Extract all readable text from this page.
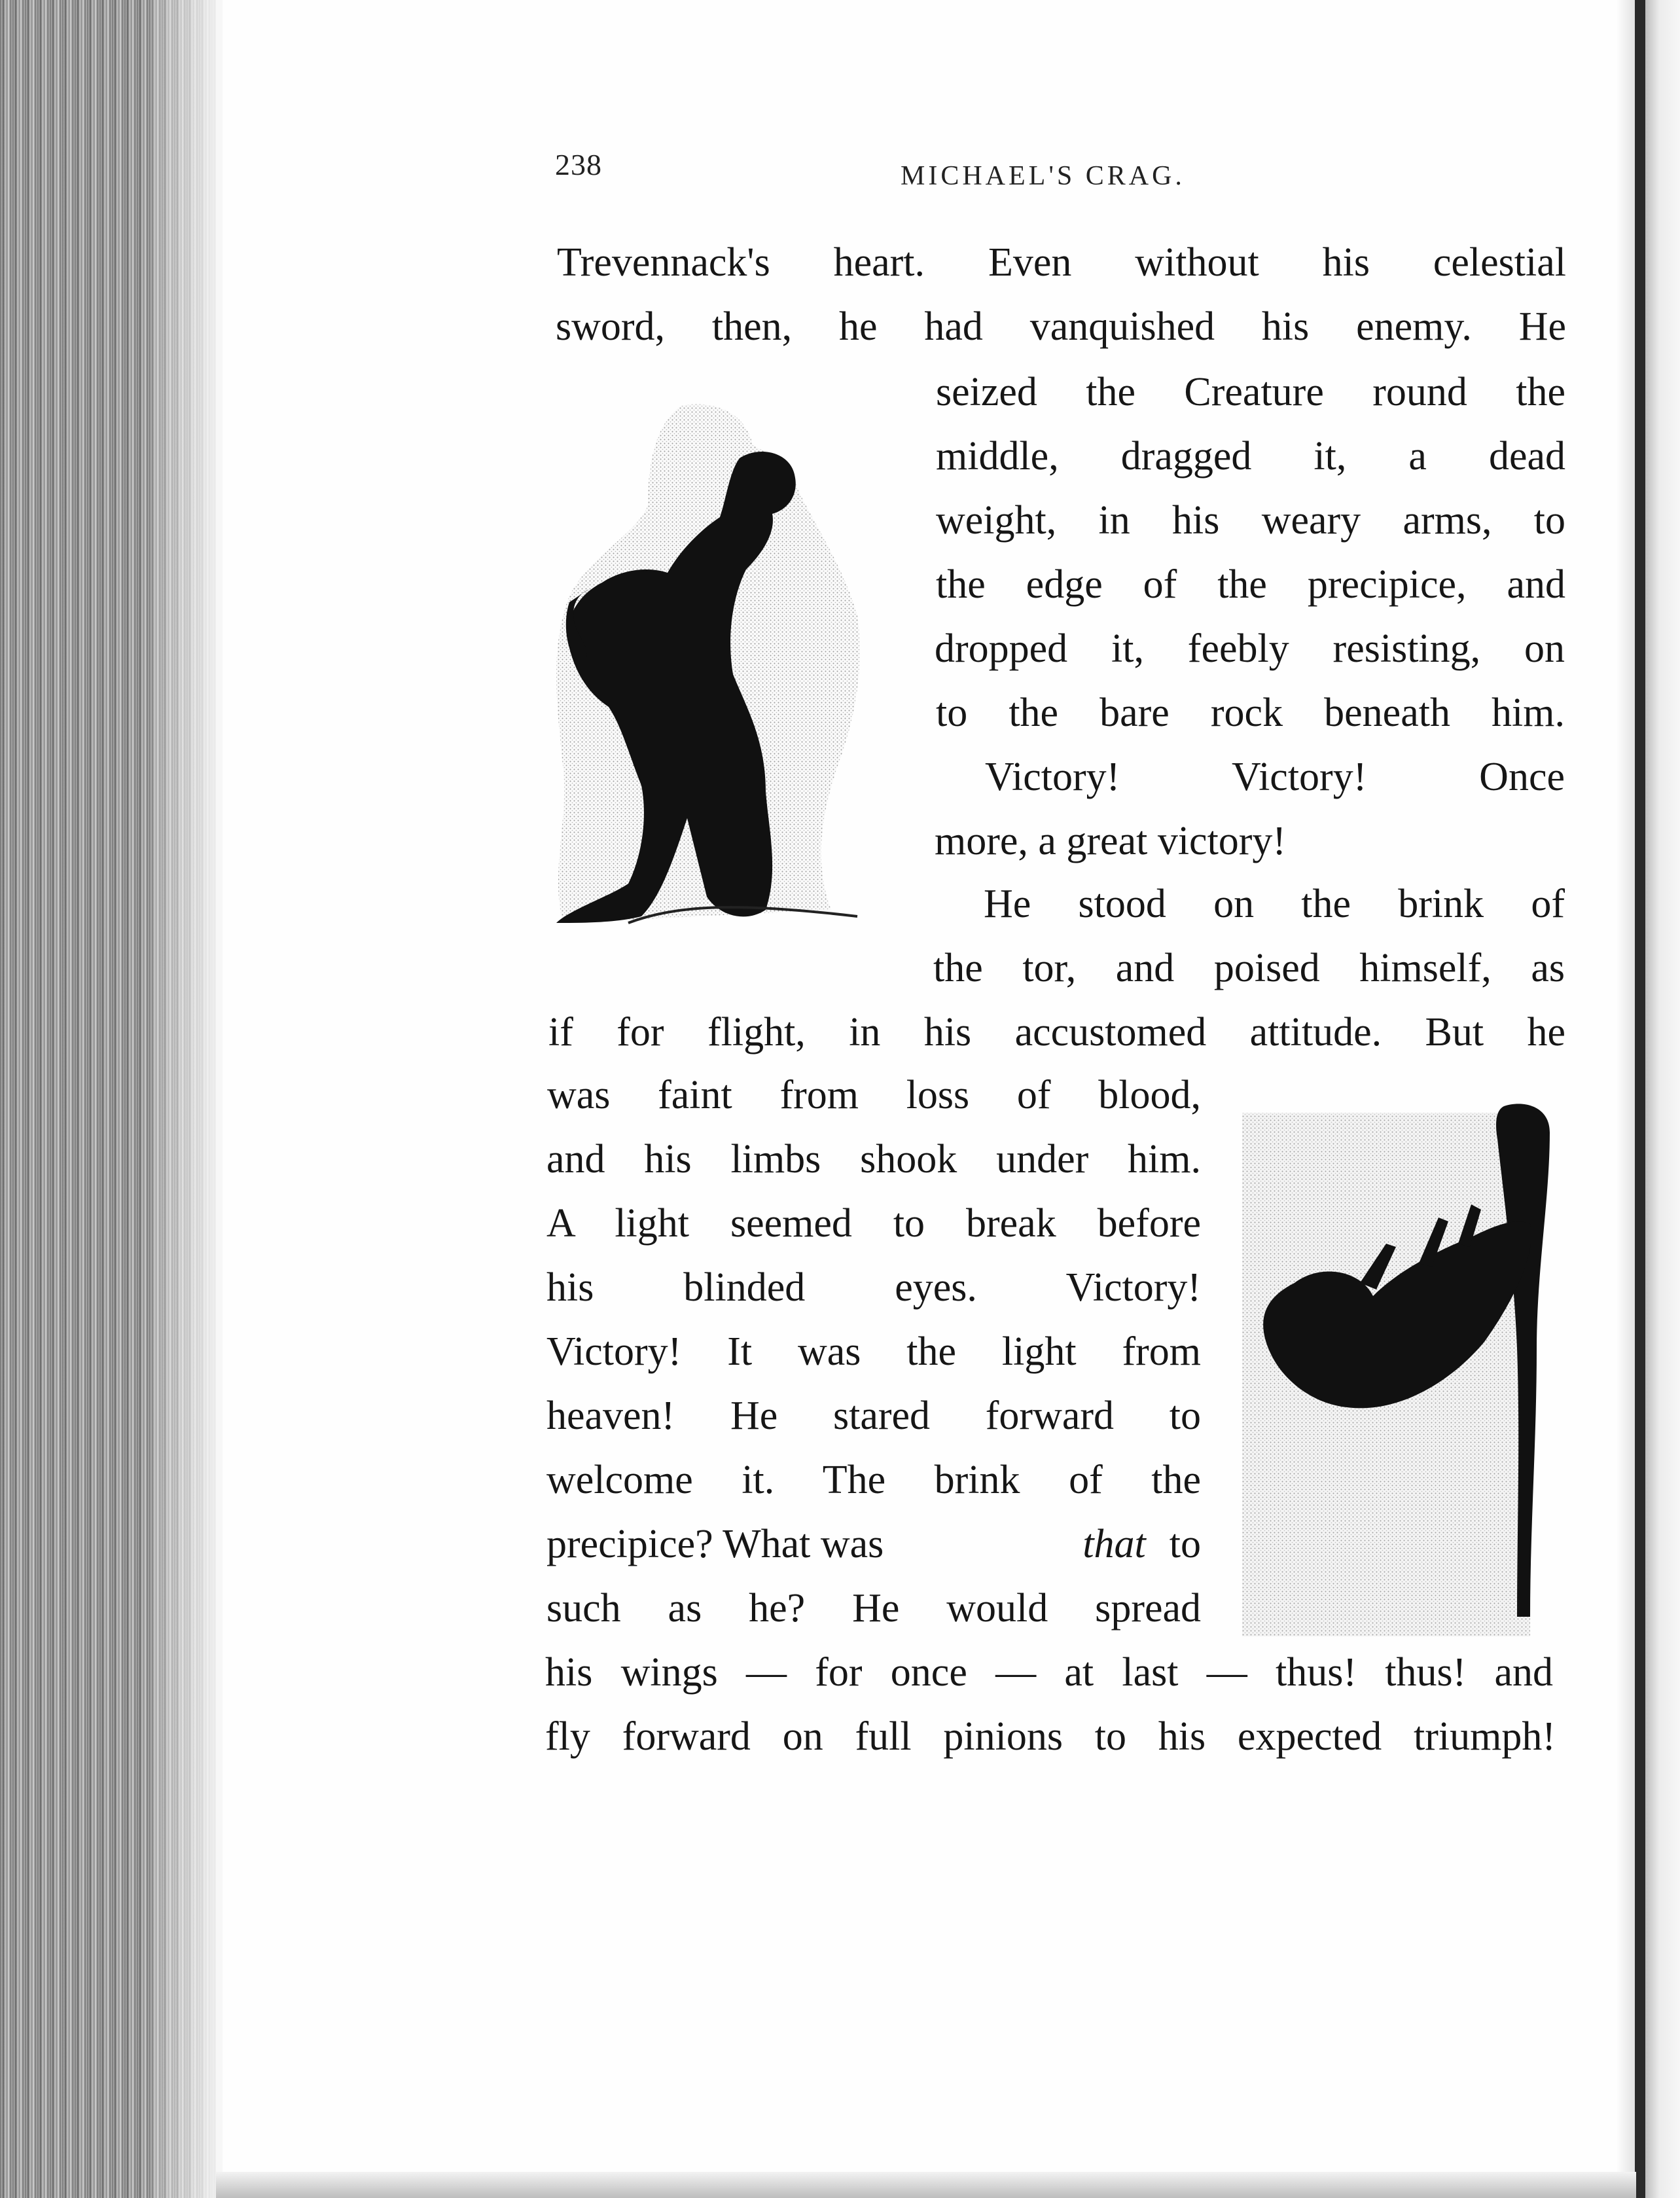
238	MICHAEL'S CRAG.
Trevennack's heart. Even without his celestial
sword, then, he had vanquished his enemy. He
seized the Creature round the
middle, dragged it, a dead
weight, in his weary arms, to
the edge of the precipice, and
dropped it, feebly resisting, on
to the bare rock beneath him.
Victory! Victory! Once
more, a great victory!
He stood on the brink of
the tor, and poised himself, as
if for flight, in his accustomed attitude. But he
was faint from loss of blood,
and his limbs shook under him.
A light seemed to break before
his blinded eyes. Victory!
Victory! It was the light from
heaven! He stared forward to
welcome it. The brink of the
precipice? What was	that to
such as he? He would spread
his wings — for once — at last — thus! thus! and
fly forward on full pinions to his expected triumph!
